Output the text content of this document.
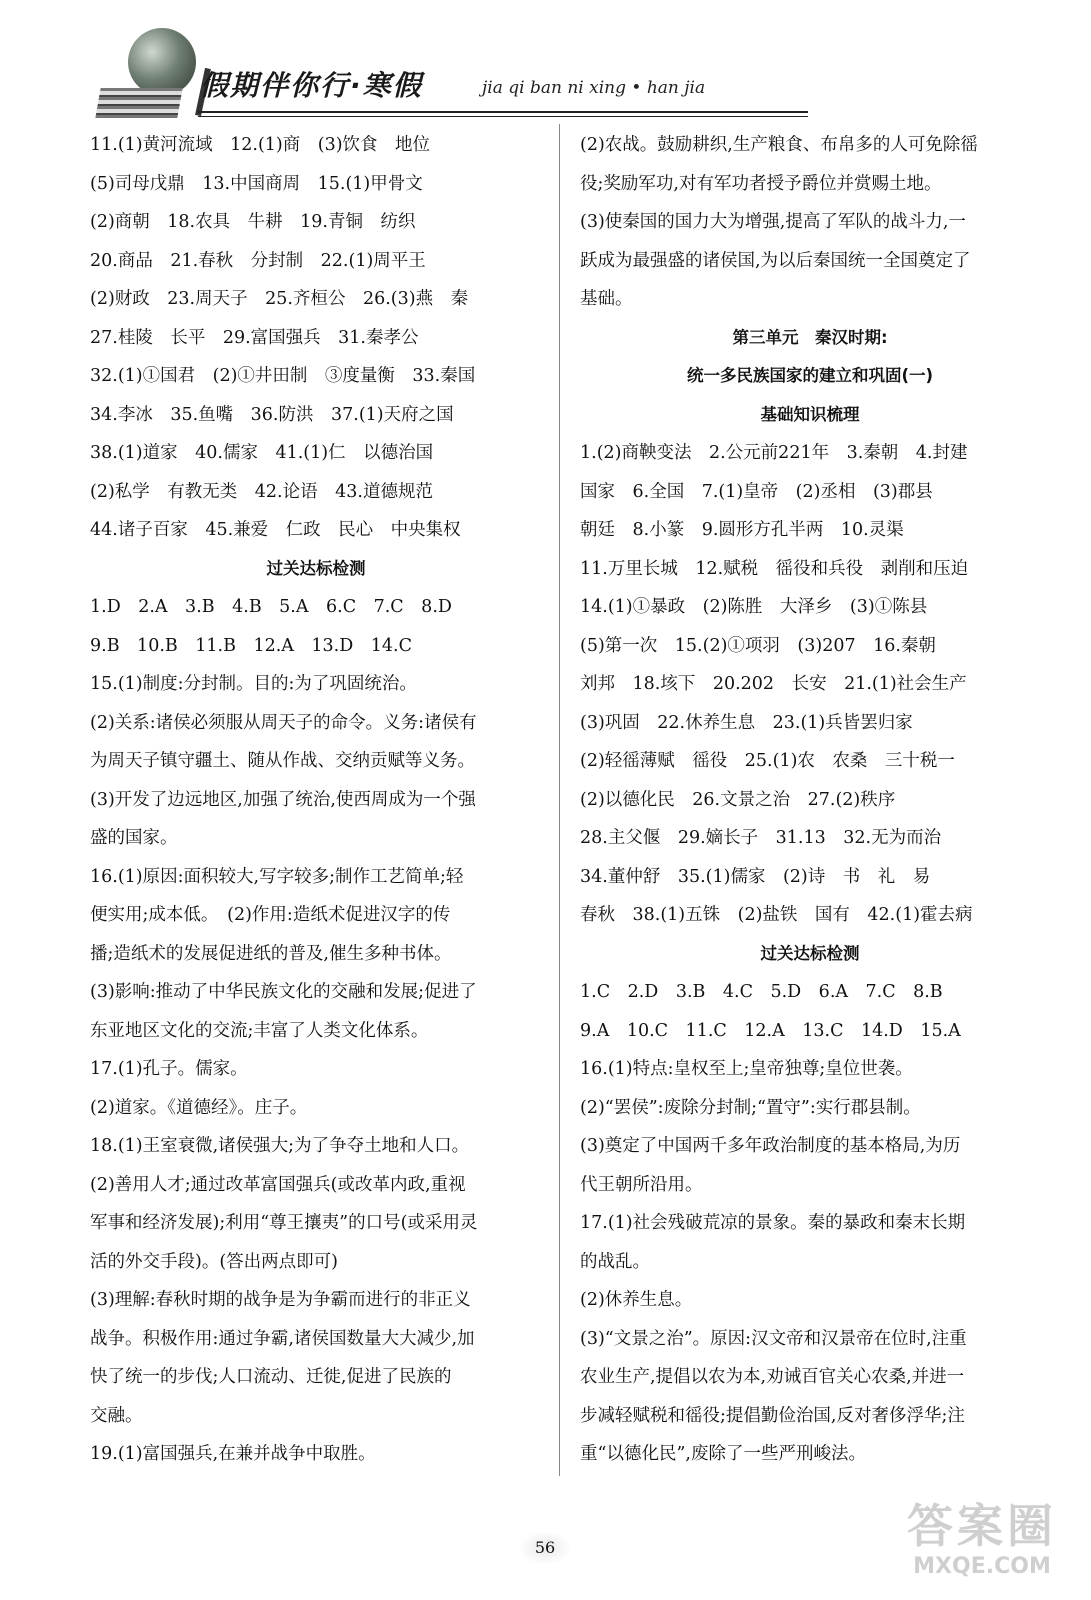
假期伴你行·寒假	jia qi ban ni xing • han jia

11.(1)黄河流域　12.(1)商　(3)饮食　地位

(5)司母戊鼎　13.中国商周　15.(1)甲骨文

(2)商朝　18.农具　牛耕　19.青铜　纺织

20.商品　21.春秋　分封制　22.(1)周平王

(2)财政　23.周天子　25.齐桓公　26.(3)燕　秦

27.桂陵　长平　29.富国强兵　31.秦孝公

32.(1)①国君　(2)①井田制　③度量衡　33.秦国

34.李冰　35.鱼嘴　36.防洪　37.(1)天府之国

38.(1)道家　40.儒家　41.(1)仁　以德治国

(2)私学　有教无类　42.论语　43.道德规范

44.诸子百家　45.兼爱　仁政　民心　中央集权

过关达标检测

1.D　2.A　3.B　4.B　5.A　6.C　7.C　8.D

9.B　10.B　11.B　12.A　13.D　14.C

15.(1)制度:分封制。目的:为了巩固统治。

(2)关系:诸侯必须服从周天子的命令。义务:诸侯有

为周天子镇守疆土、随从作战、交纳贡赋等义务。

(3)开发了边远地区,加强了统治,使西周成为一个强

盛的国家。

16.(1)原因:面积较大,写字较多;制作工艺简单;轻

便实用;成本低。　(2)作用:造纸术促进汉字的传

播;造纸术的发展促进纸的普及,催生多种书体。

(3)影响:推动了中华民族文化的交融和发展;促进了

东亚地区文化的交流;丰富了人类文化体系。

17.(1)孔子。儒家。

(2)道家。《道德经》。庄子。

18.(1)王室衰微,诸侯强大;为了争夺土地和人口。

(2)善用人才;通过改革富国强兵(或改革内政,重视

军事和经济发展);利用“尊王攘夷”的口号(或采用灵

活的外交手段)。(答出两点即可)

(3)理解:春秋时期的战争是为争霸而进行的非正义

战争。积极作用:通过争霸,诸侯国数量大大减少,加

快了统一的步伐;人口流动、迁徙,促进了民族的

交融。

19.(1)富国强兵,在兼并战争中取胜。

(2)农战。鼓励耕织,生产粮食、布帛多的人可免除徭

役;奖励军功,对有军功者授予爵位并赏赐土地。

(3)使秦国的国力大为增强,提高了军队的战斗力,一

跃成为最强盛的诸侯国,为以后秦国统一全国奠定了

基础。

第三单元　秦汉时期:

统一多民族国家的建立和巩固(一)

基础知识梳理

1.(2)商鞅变法　2.公元前221年　3.秦朝　4.封建

国家　6.全国　7.(1)皇帝　(2)丞相　(3)郡县

朝廷　8.小篆　9.圆形方孔半两　10.灵渠

11.万里长城　12.赋税　徭役和兵役　剥削和压迫

14.(1)①暴政　(2)陈胜　大泽乡　(3)①陈县

(5)第一次　15.(2)①项羽　(3)207　16.秦朝

刘邦　18.垓下　20.202　长安　21.(1)社会生产

(3)巩固　22.休养生息　23.(1)兵皆罢归家

(2)轻徭薄赋　徭役　25.(1)农　农桑　三十税一

(2)以德化民　26.文景之治　27.(2)秩序

28.主父偃　29.嫡长子　31.13　32.无为而治

34.董仲舒　35.(1)儒家　(2)诗　书　礼　易

春秋　38.(1)五铢　(2)盐铁　国有　42.(1)霍去病

过关达标检测

1.C　2.D　3.B　4.C　5.D　6.A　7.C　8.B

9.A　10.C　11.C　12.A　13.C　14.D　15.A

16.(1)特点:皇权至上;皇帝独尊;皇位世袭。

(2)“罢侯”:废除分封制;“置守”:实行郡县制。

(3)奠定了中国两千多年政治制度的基本格局,为历

代王朝所沿用。

17.(1)社会残破荒凉的景象。秦的暴政和秦末长期

的战乱。

(2)休养生息。

(3)“文景之治”。原因:汉文帝和汉景帝在位时,注重

农业生产,提倡以农为本,劝诫百官关心农桑,并进一

步减轻赋税和徭役;提倡勤俭治国,反对奢侈浮华;注

重“以德化民”,废除了一些严刑峻法。

56	答案圈
MXQE.COM
